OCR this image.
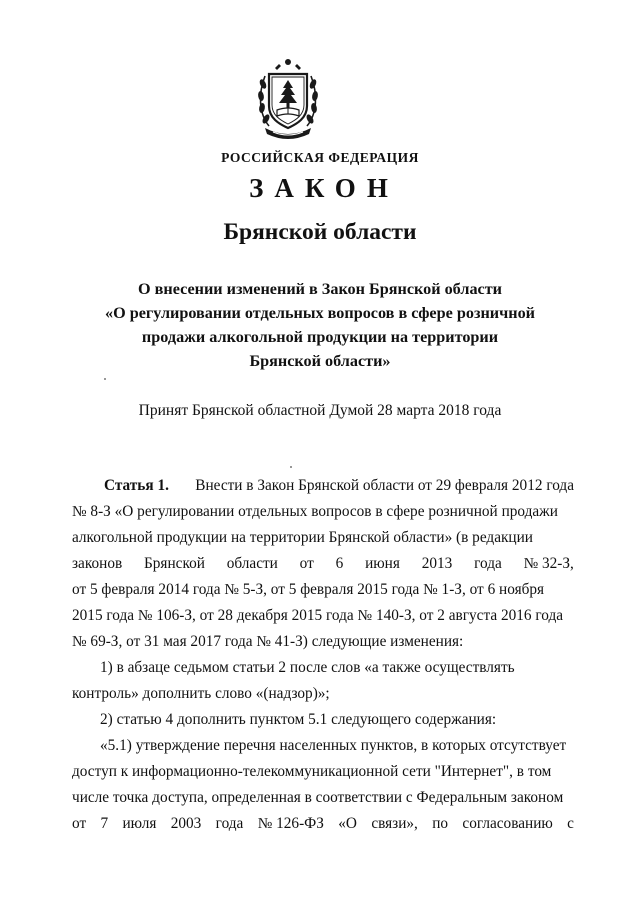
РОССИЙСКАЯ ФЕДЕРАЦИЯ
ЗАКОН
Брянской области
О внесении изменений в Закон Брянской области
«О регулировании отдельных вопросов в сфере розничной
продажи алкогольной продукции на территории
Брянской области»
Принят Брянской областной Думой 28 марта 2018 года
Статья 1. Внести в Закон Брянской области от 29 февраля 2012 года
№ 8-З «О регулировании отдельных вопросов в сфере розничной продажи
алкогольной продукции на территории Брянской области» (в редакции
законов Брянской области от 6 июня 2013 года № 32-З,
от 5 февраля 2014 года № 5-З, от 5 февраля 2015 года № 1-З, от 6 ноября
2015 года № 106-З, от 28 декабря 2015 года № 140-З, от 2 августа 2016 года
№ 69-З, от 31 мая 2017 года № 41-З) следующие изменения:
1) в абзаце седьмом статьи 2 после слов «а также осуществлять
контроль» дополнить слово «(надзор)»;
2) статью 4 дополнить пунктом 5.1 следующего содержания:
«5.1) утверждение перечня населенных пунктов, в которых отсутствует
доступ к информационно-телекоммуникационной сети "Интернет", в том
числе точка доступа, определенная в соответствии с Федеральным законом
от 7 июля 2003 года № 126-ФЗ «О связи», по согласованию с
